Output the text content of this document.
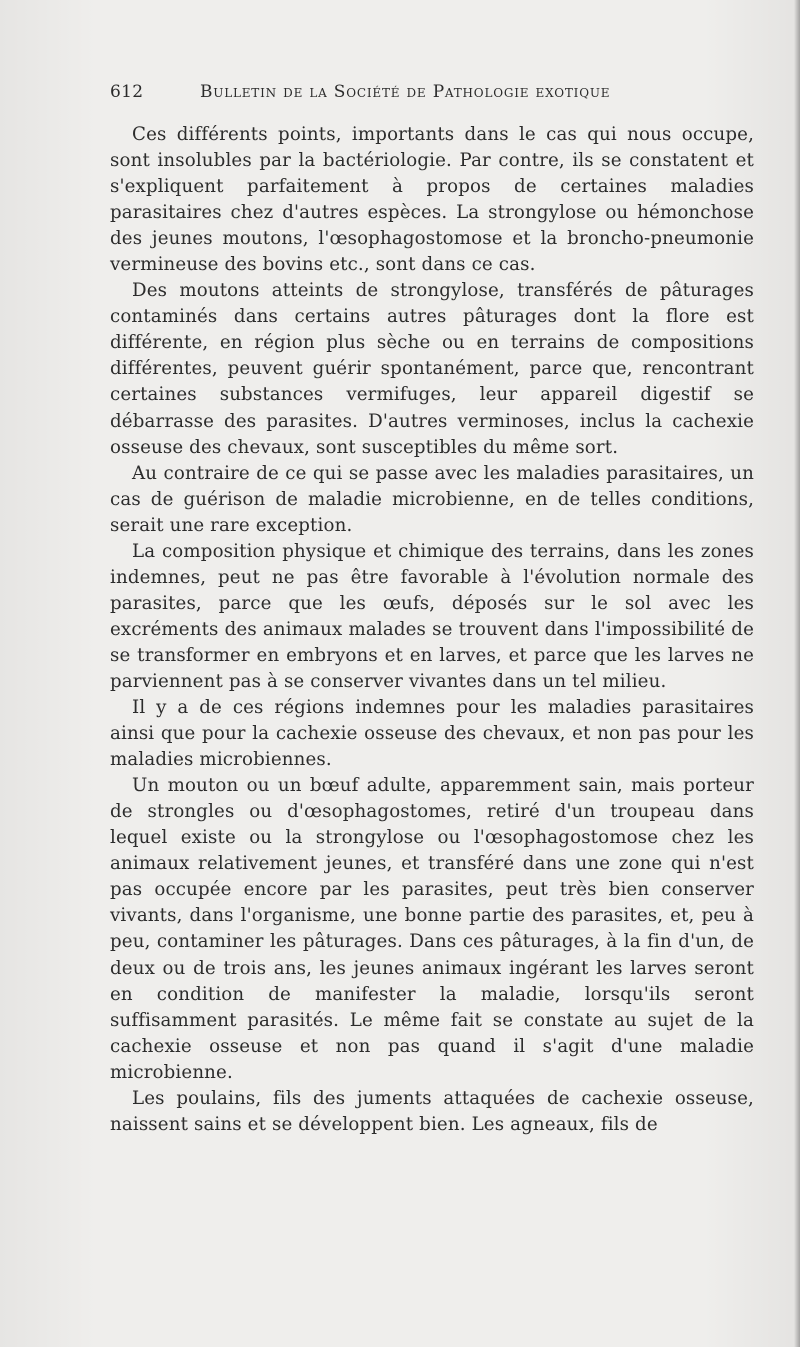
612	Bulletin de la Société de Pathologie exotique

Ces différents points, importants dans le cas qui nous occupe, sont insolubles par la bactériologie. Par contre, ils se constatent et s'expliquent parfaitement à propos de certaines maladies parasitaires chez d'autres espèces. La strongylose ou hémonchose des jeunes moutons, l'œsophagostomose et la broncho-pneumonie vermineuse des bovins etc., sont dans ce cas.

Des moutons atteints de strongylose, transférés de pâturages contaminés dans certains autres pâturages dont la flore est différente, en région plus sèche ou en terrains de compositions différentes, peuvent guérir spontanément, parce que, rencontrant certaines substances vermifuges, leur appareil digestif se débarrasse des parasites. D'autres verminoses, inclus la cachexie osseuse des chevaux, sont susceptibles du même sort.

Au contraire de ce qui se passe avec les maladies parasitaires, un cas de guérison de maladie microbienne, en de telles conditions, serait une rare exception.

La composition physique et chimique des terrains, dans les zones indemnes, peut ne pas être favorable à l'évolution normale des parasites, parce que les œufs, déposés sur le sol avec les excréments des animaux malades se trouvent dans l'impossibilité de se transformer en embryons et en larves, et parce que les larves ne parviennent pas à se conserver vivantes dans un tel milieu.

Il y a de ces régions indemnes pour les maladies parasitaires ainsi que pour la cachexie osseuse des chevaux, et non pas pour les maladies microbiennes.

Un mouton ou un bœuf adulte, apparemment sain, mais porteur de strongles ou d'œsophagostomes, retiré d'un troupeau dans lequel existe ou la strongylose ou l'œsophagostomose chez les animaux relativement jeunes, et transféré dans une zone qui n'est pas occupée encore par les parasites, peut très bien conserver vivants, dans l'organisme, une bonne partie des parasites, et, peu à peu, contaminer les pâturages. Dans ces pâturages, à la fin d'un, de deux ou de trois ans, les jeunes animaux ingérant les larves seront en condition de manifester la maladie, lorsqu'ils seront suffisamment parasités. Le même fait se constate au sujet de la cachexie osseuse et non pas quand il s'agit d'une maladie microbienne.

Les poulains, fils des juments attaquées de cachexie osseuse, naissent sains et se développent bien. Les agneaux, fils de
